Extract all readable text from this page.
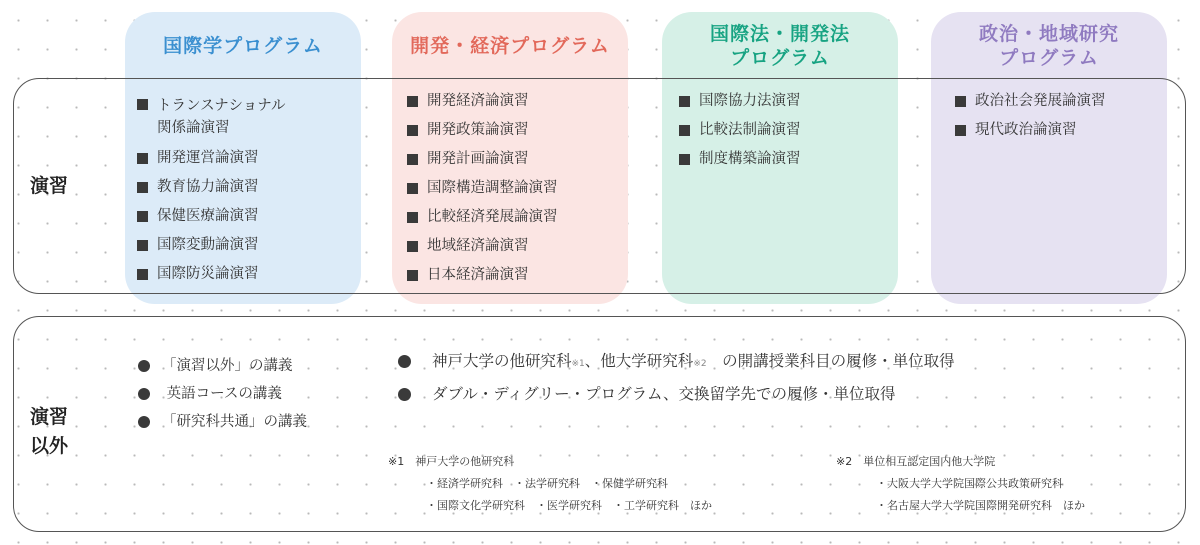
国際学プログラム	開発・経済プログラム
国際法・開発法
プログラム
政治・地域研究
プログラム
演習
演習
以外
トランスナショナル
関係論演習
開発運営論演習
教育協力論演習
保健医療論演習
国際変動論演習
国際防災論演習
開発経済論演習
開発政策論演習
開発計画論演習
国際構造調整論演習
比較経済発展論演習
地域経済論演習
日本経済論演習
国際協力法演習
比較法制論演習
制度構築論演習
政治社会発展論演習
現代政治論演習
「演習以外」の講義
英語コースの講義
「研究科共通」の講義
神戸大学の他研究科※1、他大学研究科※2　の開講授業科目の履修・単位取得
ダブル・ディグリー・プログラム、交換留学先での履修・単位取得
※1　神戸大学の他研究科
・経済学研究科　・法学研究科　・保健学研究科
・国際文化学研究科　・医学研究科　・工学研究科　ほか
※2　単位相互認定国内他大学院
・大阪大学大学院国際公共政策研究科
・名古屋大学大学院国際開発研究科　ほか
